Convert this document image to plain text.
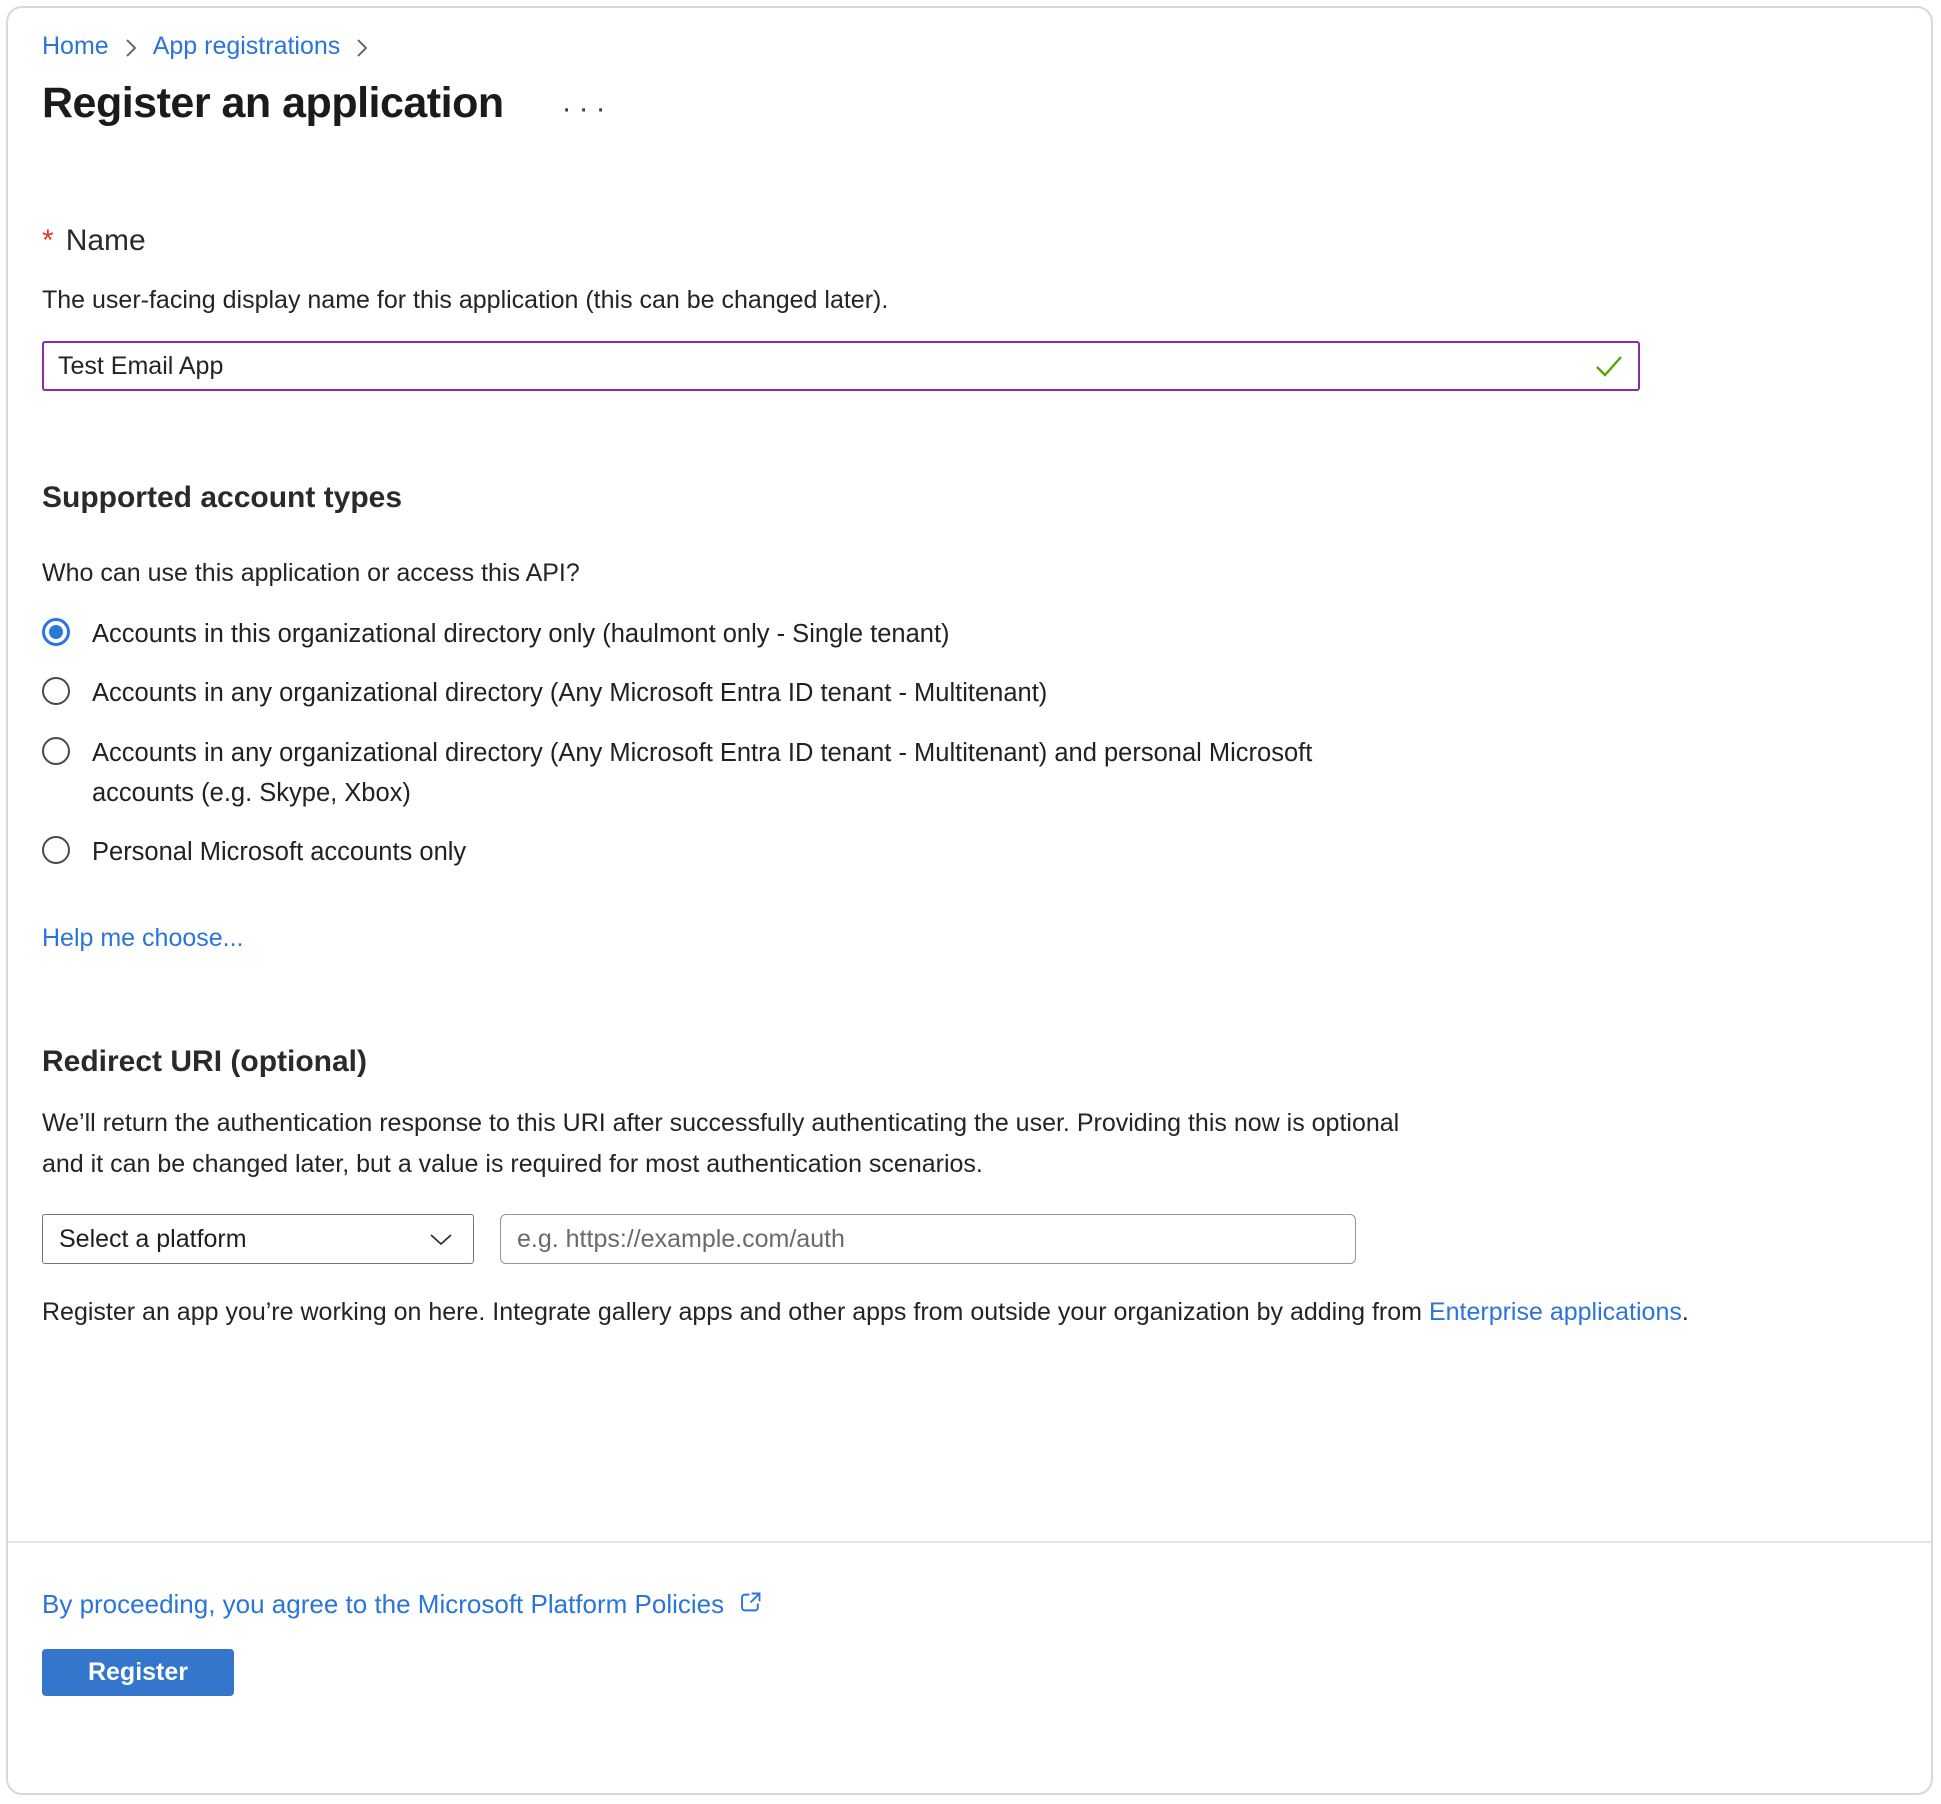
Home App registrations
Register an application ···
* Name
The user-facing display name for this application (this can be changed later).
Test Email App
Supported account types
Who can use this application or access this API?
Accounts in this organizational directory only (haulmont only - Single tenant)
Accounts in any organizational directory (Any Microsoft Entra ID tenant - Multitenant)
Accounts in any organizational directory (Any Microsoft Entra ID tenant - Multitenant) and personal Microsoft accounts (e.g. Skype, Xbox)
Personal Microsoft accounts only
Help me choose...
Redirect URI (optional)
We’ll return the authentication response to this URI after successfully authenticating the user. Providing this now is optional and it can be changed later, but a value is required for most authentication scenarios.
Select a platform
e.g. https://example.com/auth
Register an app you’re working on here. Integrate gallery apps and other apps from outside your organization by adding from Enterprise applications.
By proceeding, you agree to the Microsoft Platform Policies
Register
